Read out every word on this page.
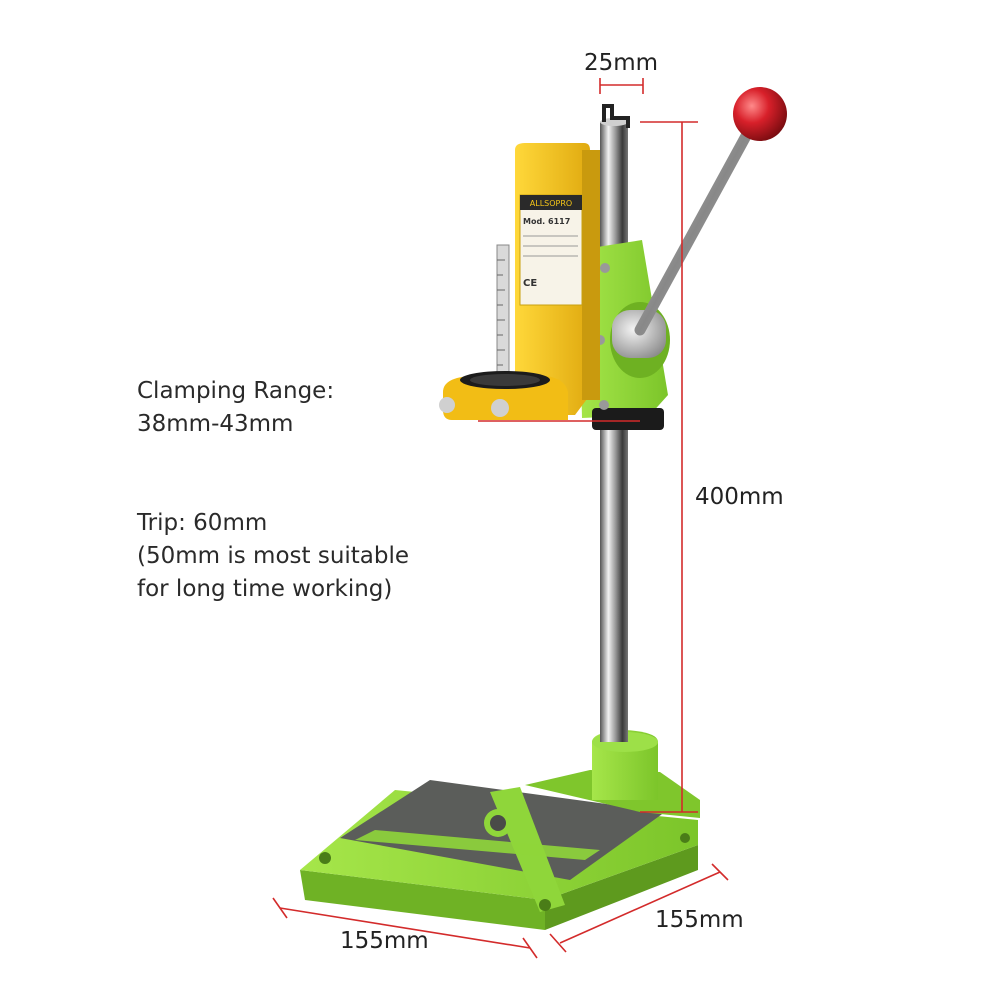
ALLSOPRO
Mod. 6117
CE
25mm
400mm
155mm
155mm
Clamping Range:
38mm-43mm
Trip: 60mm
(50mm is most suitable
for long time working)
